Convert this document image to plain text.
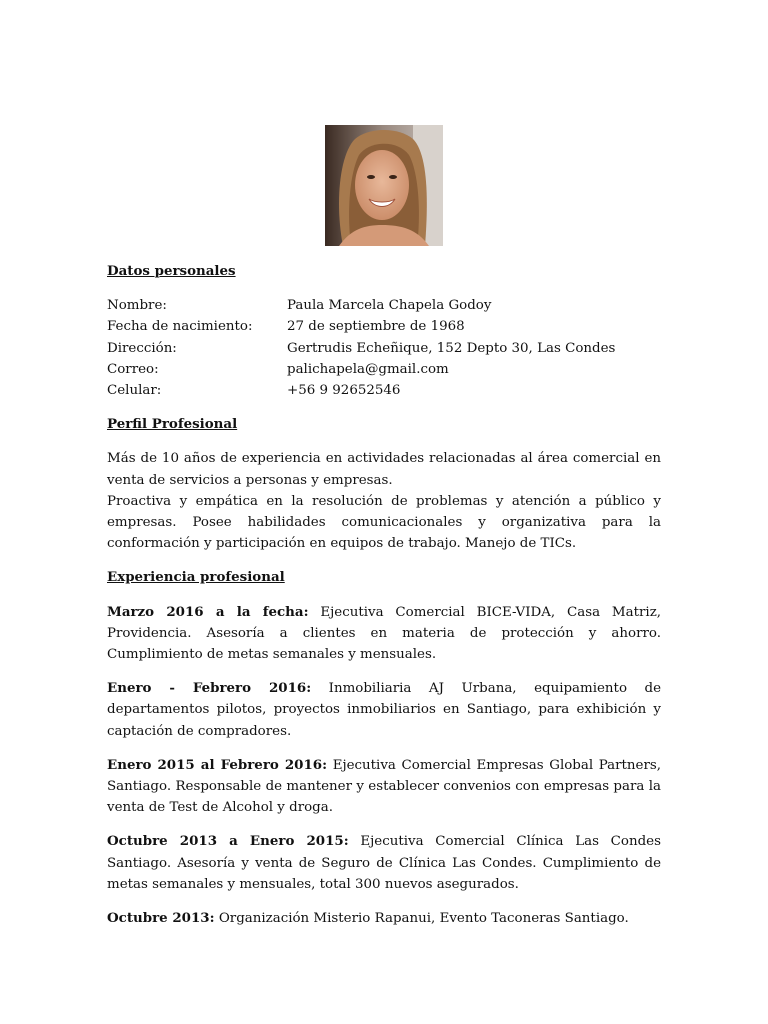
Datos personales
Nombre:	Paula Marcela Chapela Godoy
Fecha de nacimiento:	27 de septiembre de 1968
Dirección:	Gertrudis Echeñique, 152 Depto 30, Las Condes
Correo:	palichapela@gmail.com
Celular:	+56 9 92652546
Perfil Profesional

Más de 10 años de experiencia en actividades relacionadas al área comercial en venta de servicios a personas y empresas.

Proactiva y empática en la resolución de problemas y atención a público y empresas. Posee habilidades comunicacionales y organizativa para la conformación y participación en equipos de trabajo. Manejo de TICs.

Experiencia profesional

Marzo 2016 a la fecha: Ejecutiva Comercial BICE-VIDA, Casa Matriz, Providencia. Asesoría a clientes en materia de protección y ahorro. Cumplimiento de metas semanales y mensuales.

Enero - Febrero 2016: Inmobiliaria AJ Urbana, equipamiento de departamentos pilotos, proyectos inmobiliarios en Santiago, para exhibición y captación de compradores.

Enero 2015 al Febrero 2016: Ejecutiva Comercial Empresas Global Partners, Santiago. Responsable de mantener y establecer convenios con empresas para la venta de Test de Alcohol y droga.

Octubre 2013 a Enero 2015: Ejecutiva Comercial Clínica Las Condes Santiago. Asesoría y venta de Seguro de Clínica Las Condes. Cumplimiento de metas semanales y mensuales, total 300 nuevos asegurados.

Octubre 2013: Organización Misterio Rapanui, Evento Taconeras Santiago.
